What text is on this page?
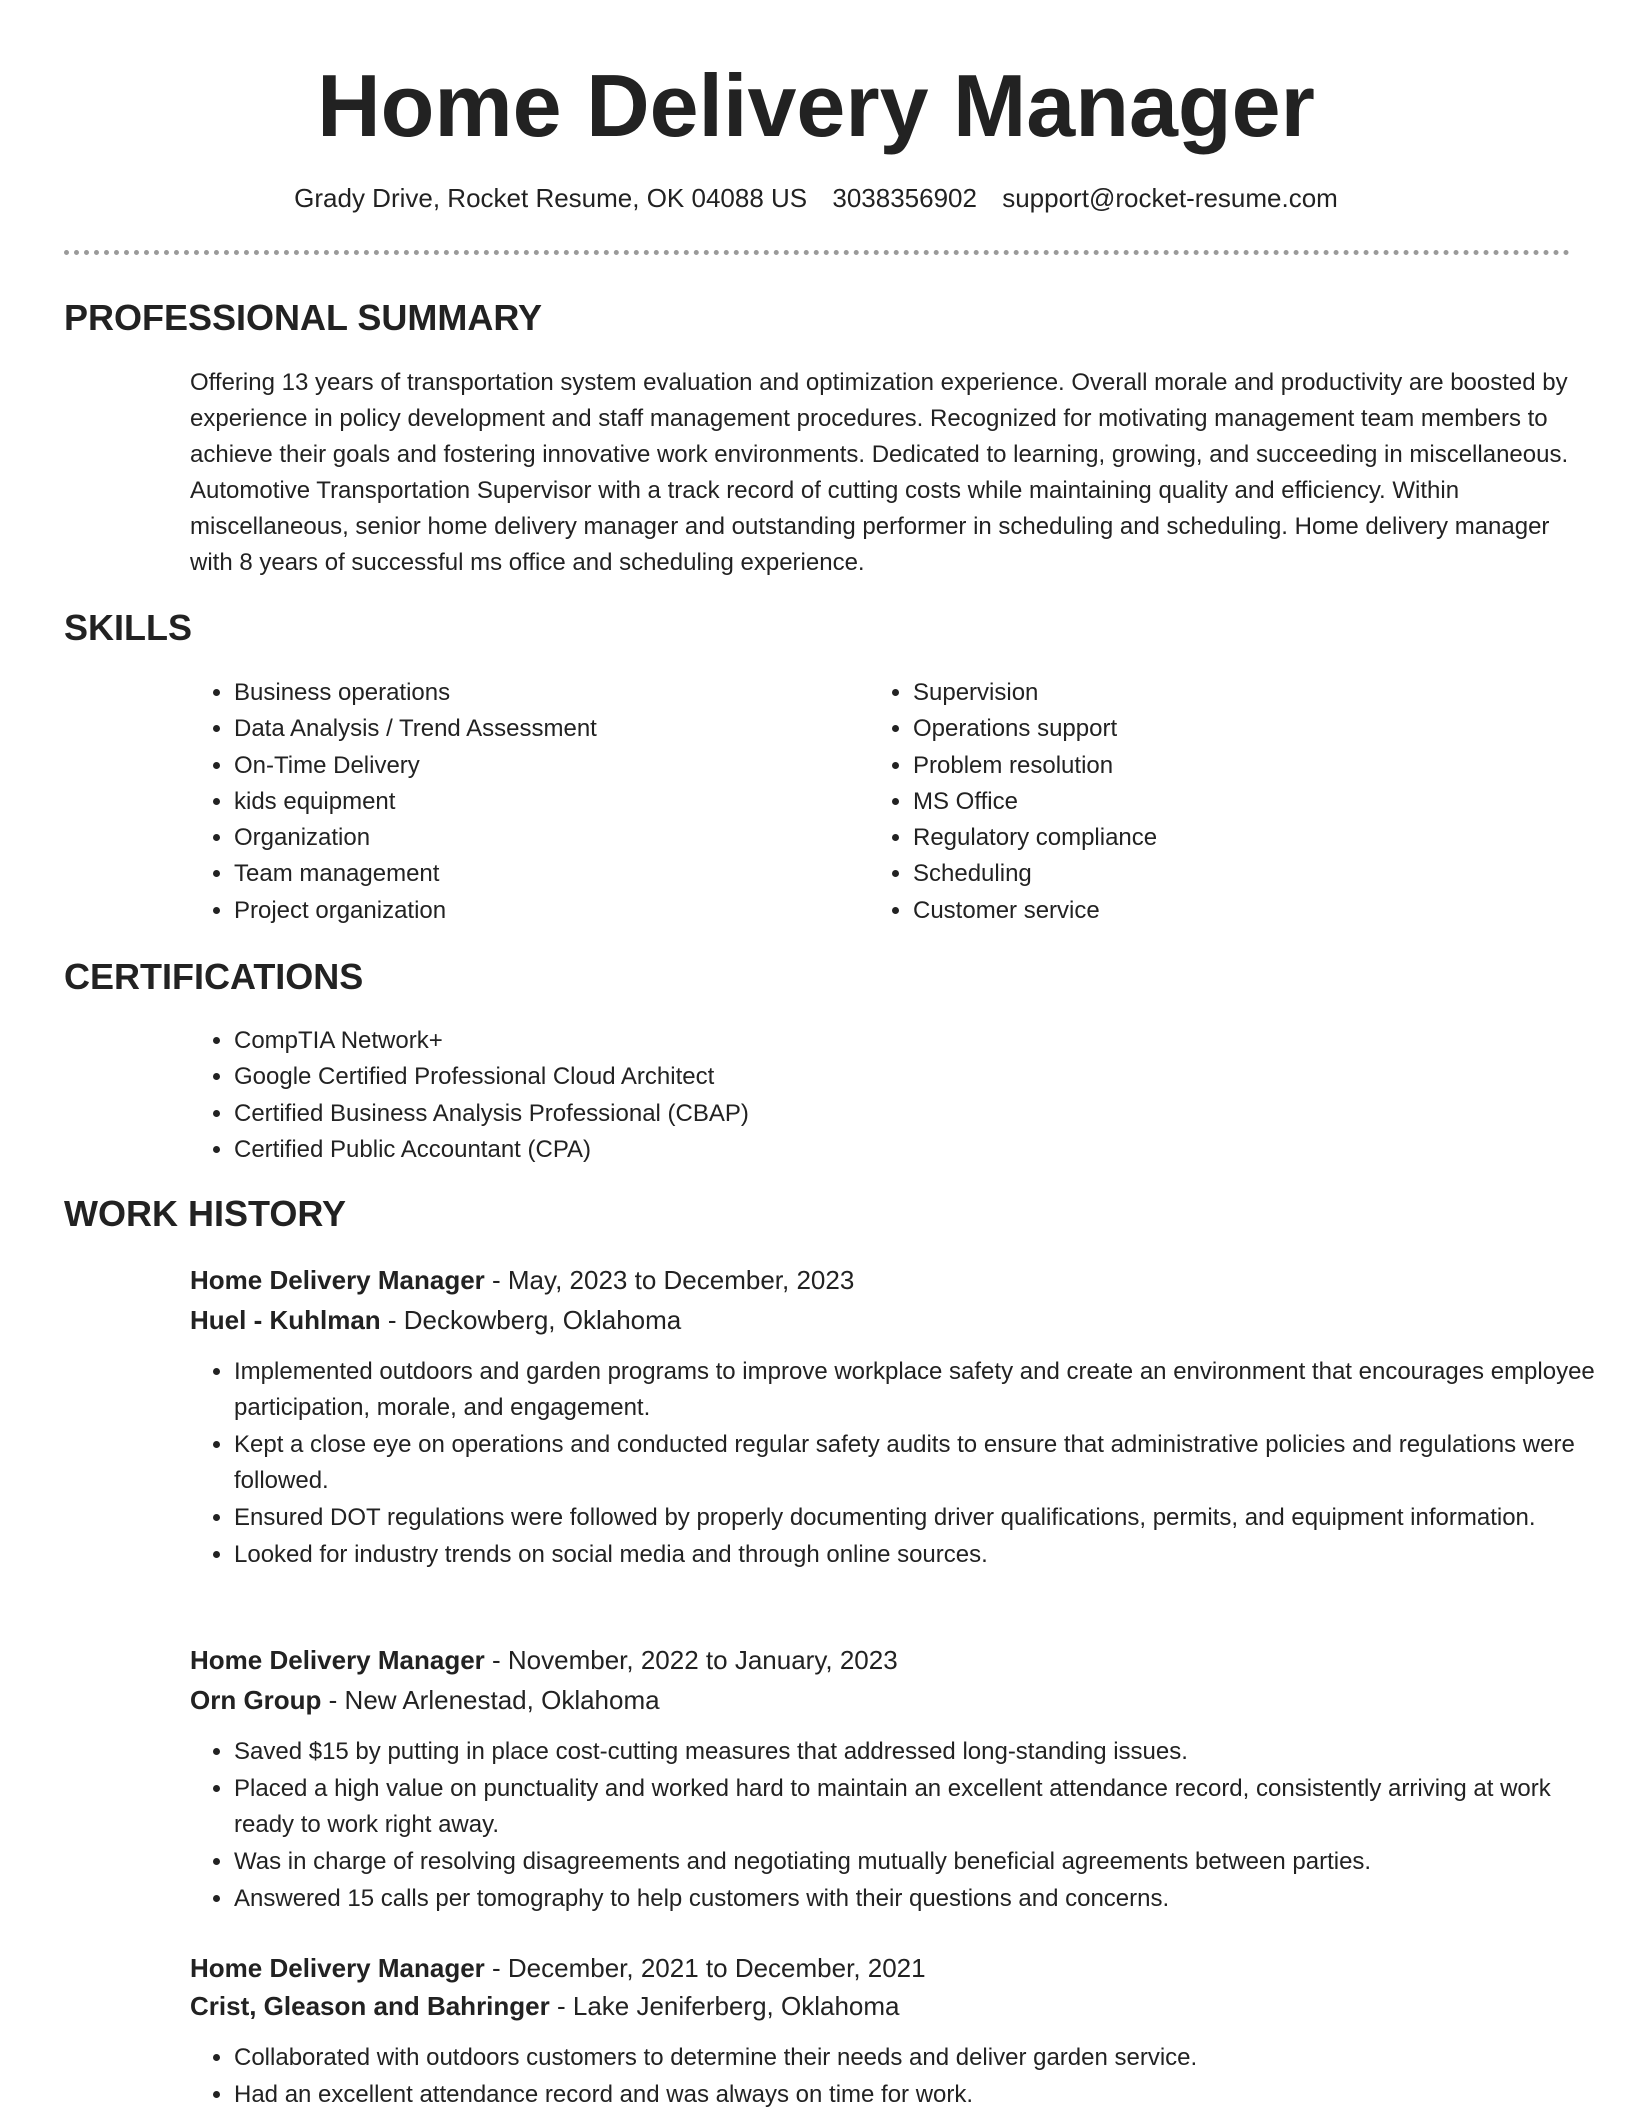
Home Delivery Manager
Grady Drive, Rocket Resume, OK 04088 US 3038356902 support@rocket-resume.com
PROFESSIONAL SUMMARY

Offering 13 years of transportation system evaluation and optimization experience. Overall morale and productivity are boosted by experience in policy development and staff management procedures. Recognized for motivating management team members to achieve their goals and fostering innovative work environments. Dedicated to learning, growing, and succeeding in miscellaneous. Automotive Transportation Supervisor with a track record of cutting costs while maintaining quality and efficiency. Within miscellaneous, senior home delivery manager and outstanding performer in scheduling and scheduling. Home delivery manager with 8 years of successful ms office and scheduling experience.

SKILLS
• Business operations
• Data Analysis / Trend Assessment
• On-Time Delivery
• kids equipment
• Organization
• Team management
• Project organization
• Supervision
• Operations support
• Problem resolution
• MS Office
• Regulatory compliance
• Scheduling
• Customer service
CERTIFICATIONS
• CompTIA Network+
• Google Certified Professional Cloud Architect
• Certified Business Analysis Professional (CBAP)
• Certified Public Accountant (CPA)
WORK HISTORY
Home Delivery Manager - May, 2023 to December, 2023
Huel - Kuhlman - Deckowberg, Oklahoma
• Implemented outdoors and garden programs to improve workplace safety and create an environment that encourages employee participation, morale, and engagement.
• Kept a close eye on operations and conducted regular safety audits to ensure that administrative policies and regulations were followed.
• Ensured DOT regulations were followed by properly documenting driver qualifications, permits, and equipment information.
• Looked for industry trends on social media and through online sources.
Home Delivery Manager - November, 2022 to January, 2023
Orn Group - New Arlenestad, Oklahoma
• Saved $15 by putting in place cost-cutting measures that addressed long-standing issues.
• Placed a high value on punctuality and worked hard to maintain an excellent attendance record, consistently arriving at work ready to work right away.
• Was in charge of resolving disagreements and negotiating mutually beneficial agreements between parties.
• Answered 15 calls per tomography to help customers with their questions and concerns.
Home Delivery Manager - December, 2021 to December, 2021
Crist, Gleason and Bahringer - Lake Jeniferberg, Oklahoma
• Collaborated with outdoors customers to determine their needs and deliver garden service.
• Had an excellent attendance record and was always on time for work.
